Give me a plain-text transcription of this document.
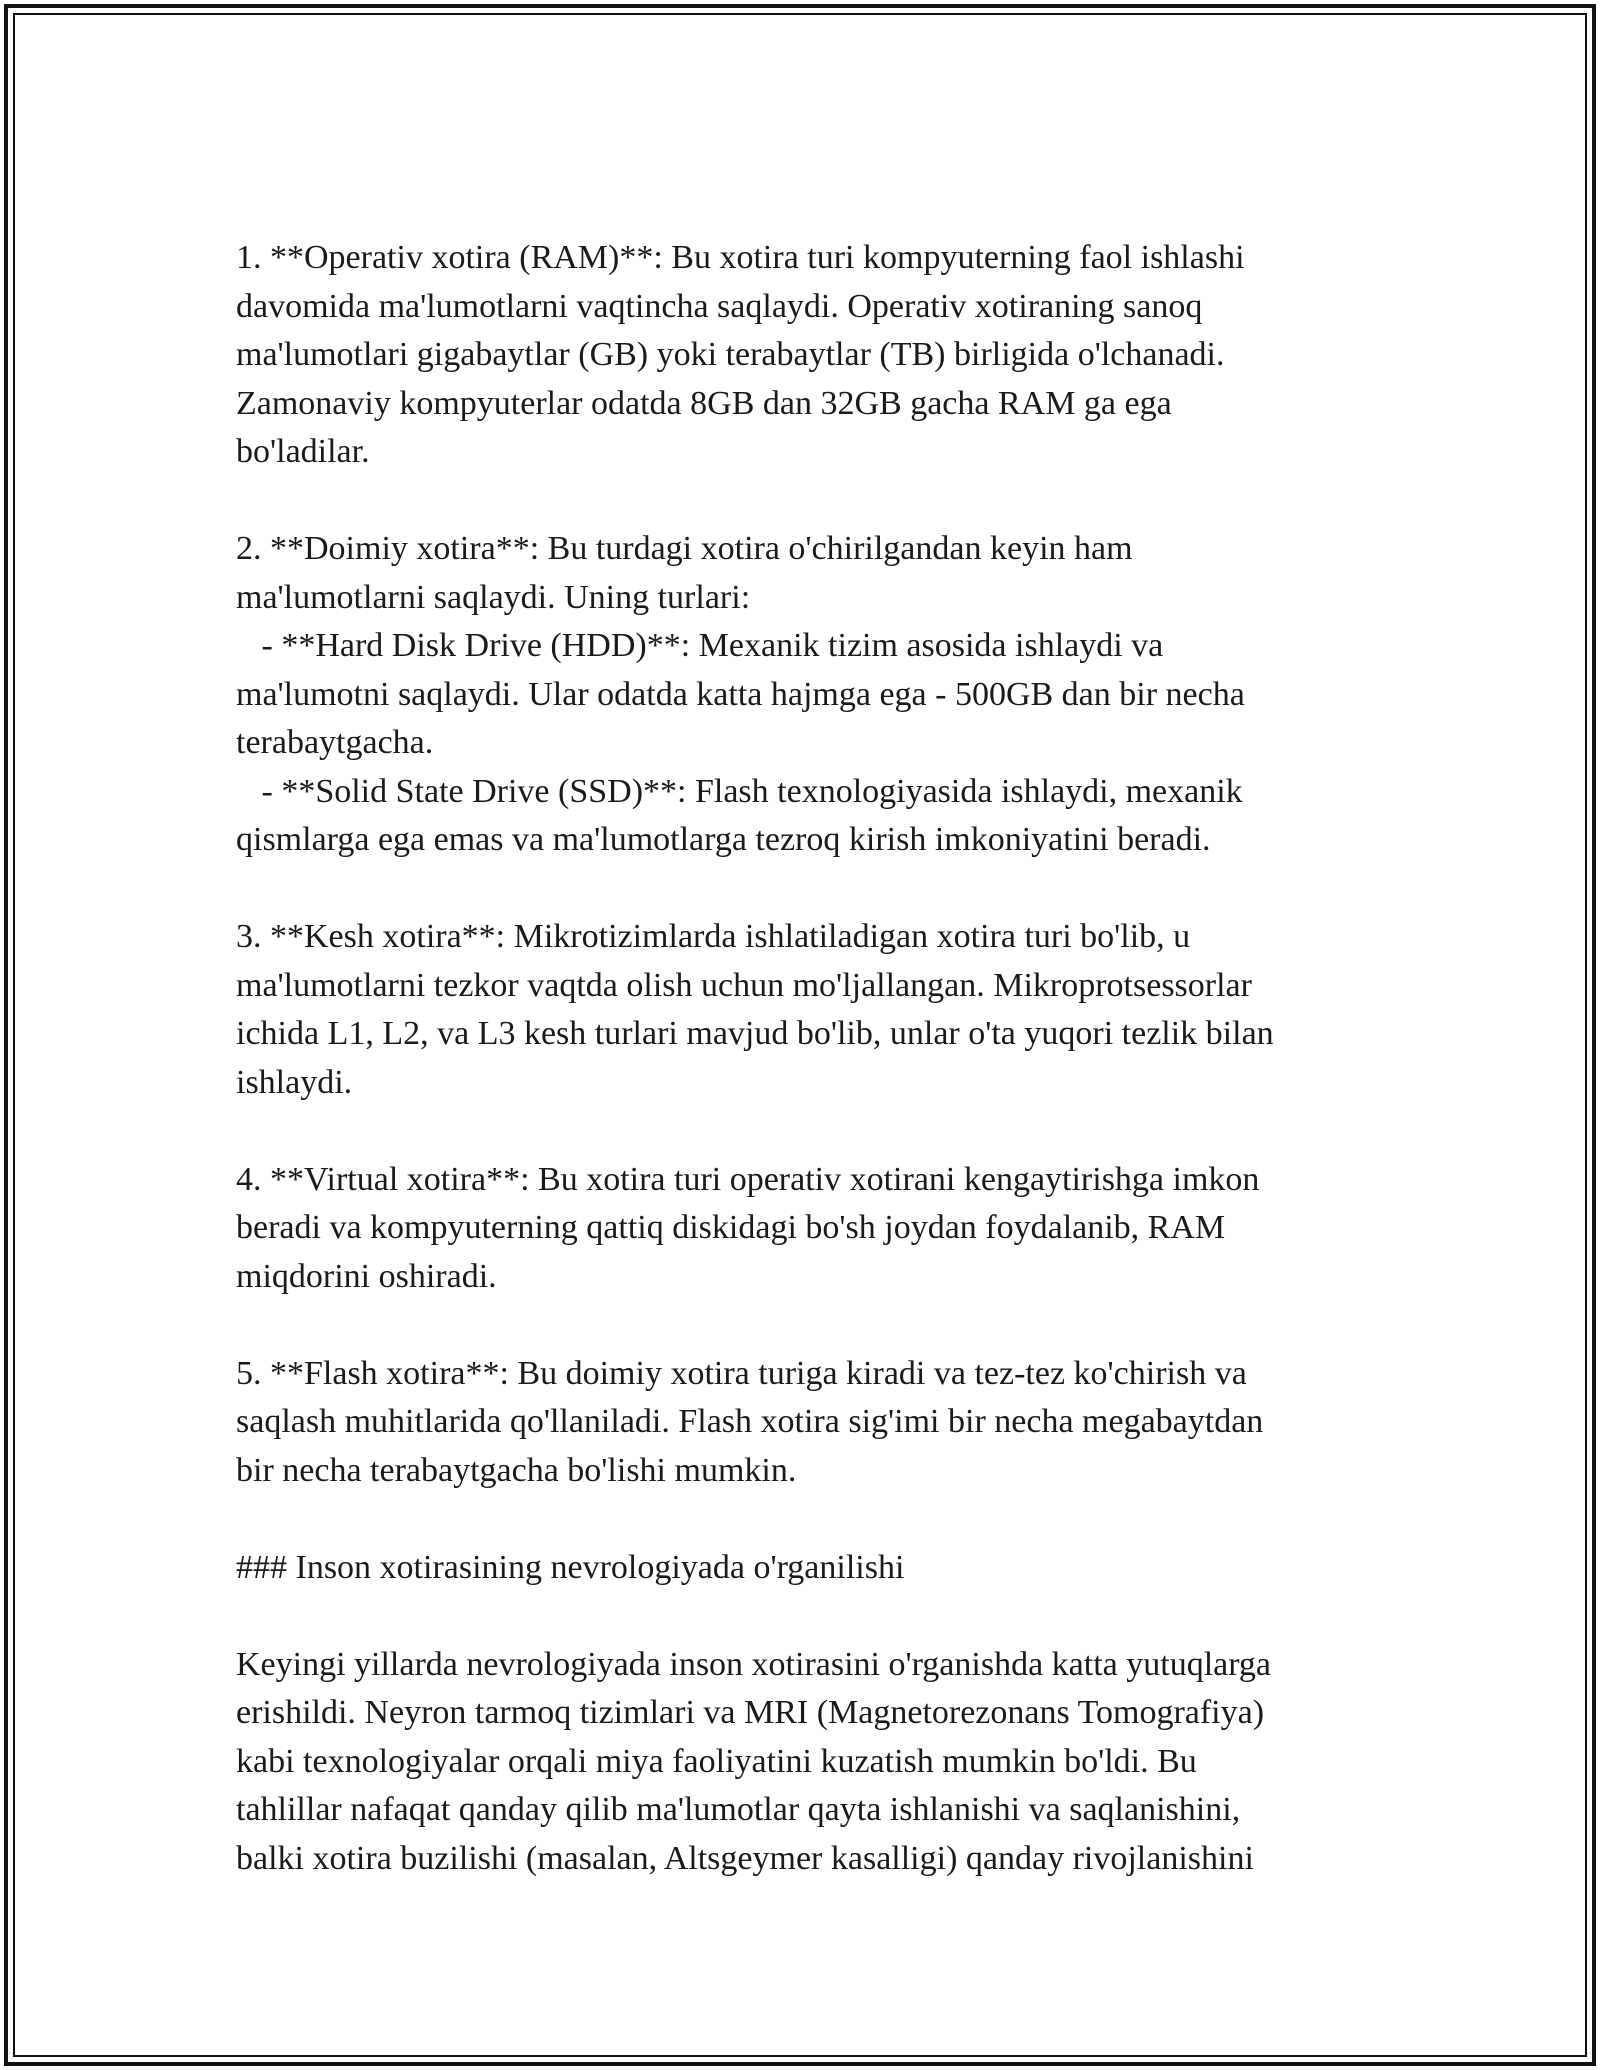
1. **Operativ xotira (RAM)**: Bu xotira turi kompyuterning faol ishlashi
davomida ma'lumotlarni vaqtincha saqlaydi. Operativ xotiraning sanoq
ma'lumotlari gigabaytlar (GB) yoki terabaytlar (TB) birligida o'lchanadi.
Zamonaviy kompyuterlar odatda 8GB dan 32GB gacha RAM ga ega
bo'ladilar.

2. **Doimiy xotira**: Bu turdagi xotira o'chirilgandan keyin ham
ma'lumotlarni saqlaydi. Uning turlari:
- **Hard Disk Drive (HDD)**: Mexanik tizim asosida ishlaydi va
ma'lumotni saqlaydi. Ular odatda katta hajmga ega - 500GB dan bir necha
terabaytgacha.
- **Solid State Drive (SSD)**: Flash texnologiyasida ishlaydi, mexanik
qismlarga ega emas va ma'lumotlarga tezroq kirish imkoniyatini beradi.

3. **Kesh xotira**: Mikrotizimlarda ishlatiladigan xotira turi bo'lib, u
ma'lumotlarni tezkor vaqtda olish uchun mo'ljallangan. Mikroprotsessorlar
ichida L1, L2, va L3 kesh turlari mavjud bo'lib, unlar o'ta yuqori tezlik bilan
ishlaydi.

4. **Virtual xotira**: Bu xotira turi operativ xotirani kengaytirishga imkon
beradi va kompyuterning qattiq diskidagi bo'sh joydan foydalanib, RAM
miqdorini oshiradi.

5. **Flash xotira**: Bu doimiy xotira turiga kiradi va tez-tez ko'chirish va
saqlash muhitlarida qo'llaniladi. Flash xotira sig'imi bir necha megabaytdan
bir necha terabaytgacha bo'lishi mumkin.

### Inson xotirasining nevrologiyada o'rganilishi

Keyingi yillarda nevrologiyada inson xotirasini o'rganishda katta yutuqlarga
erishildi. Neyron tarmoq tizimlari va MRI (Magnetorezonans Tomografiya)
kabi texnologiyalar orqali miya faoliyatini kuzatish mumkin bo'ldi. Bu
tahlillar nafaqat qanday qilib ma'lumotlar qayta ishlanishi va saqlanishini,
balki xotira buzilishi (masalan, Altsgeymer kasalligi) qanday rivojlanishini
